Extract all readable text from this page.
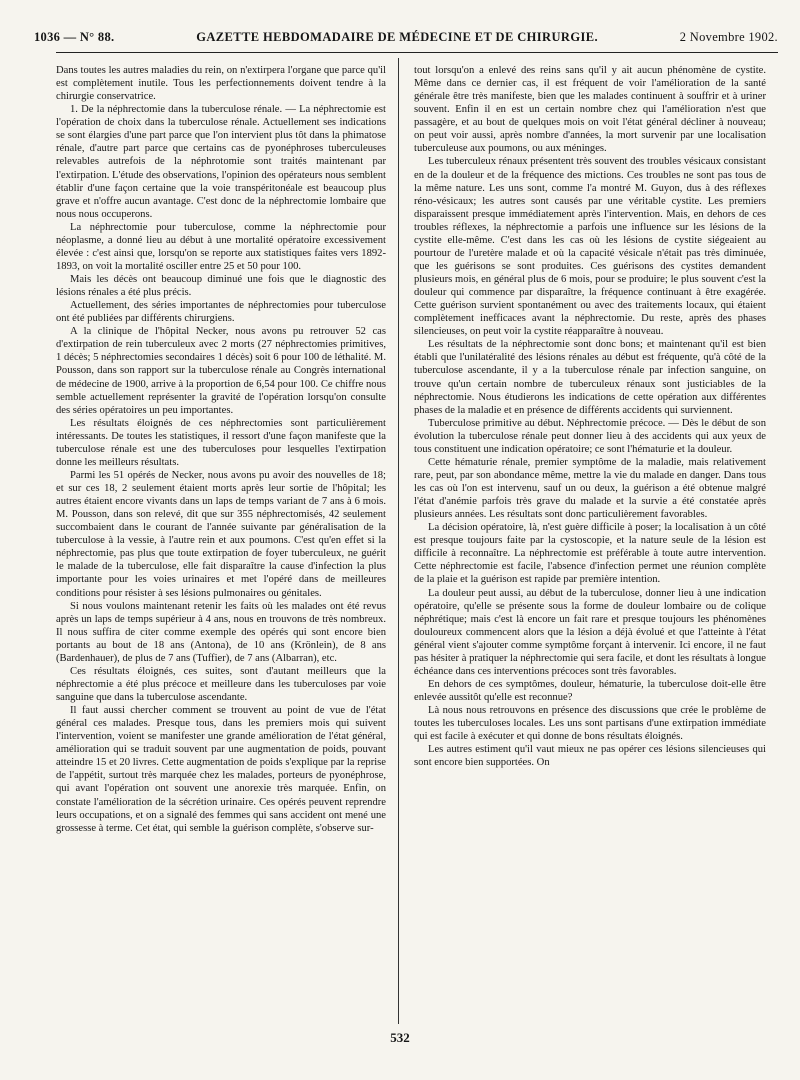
1036 — N° 88.	GAZETTE HEBDOMADAIRE DE MÉDECINE ET DE CHIRURGIE.	2 Novembre 1902.

Dans toutes les autres maladies du rein, on n'extirpera l'organe que parce qu'il est complètement inutile. Tous les perfectionnements doivent tendre à la chirurgie conservatrice.

1. De la néphrectomie dans la tuberculose rénale. — La néphrectomie est l'opération de choix dans la tuberculose rénale. Actuellement ses indications se sont élargies d'une part parce que l'on intervient plus tôt dans la phimatose rénale, d'autre part parce que certains cas de pyonéphroses tuberculeuses relevables autrefois de la néphrotomie sont traités maintenant par l'extirpation. L'étude des observations, l'opinion des opérateurs nous semblent établir d'une façon certaine que la voie transpéritonéale est beaucoup plus grave et n'offre aucun avantage. C'est donc de la néphrectomie lombaire que nous nous occuperons.

La néphrectomie pour tuberculose, comme la néphrectomie pour néoplasme, a donné lieu au début à une mortalité opératoire excessivement élevée : c'est ainsi que, lorsqu'on se reporte aux statistiques faites vers 1892-1893, on voit la mortalité osciller entre 25 et 50 pour 100.

Mais les décès ont beaucoup diminué une fois que le diagnostic des lésions rénales a été plus précis.

Actuellement, des séries importantes de néphrectomies pour tuberculose ont été publiées par différents chirurgiens.

A la clinique de l'hôpital Necker, nous avons pu retrouver 52 cas d'extirpation de rein tuberculeux avec 2 morts (27 néphrectomies primitives, 1 décès; 5 néphrectomies secondaires 1 décès) soit 6 pour 100 de léthalité. M. Pousson, dans son rapport sur la tuberculose rénale au Congrès international de médecine de 1900, arrive à la proportion de 6,54 pour 100. Ce chiffre nous semble actuellement représenter la gravité de l'opération lorsqu'on consulte des séries opératoires un peu importantes.

Les résultats éloignés de ces néphrectomies sont particulièrement intéressants. De toutes les statistiques, il ressort d'une façon manifeste que la tuberculose rénale est une des tuberculoses pour lesquelles l'extirpation donne les meilleurs résultats.

Parmi les 51 opérés de Necker, nous avons pu avoir des nouvelles de 18; et sur ces 18, 2 seulement étaient morts après leur sortie de l'hôpital; les autres étaient encore vivants dans un laps de temps variant de 7 ans à 6 mois. M. Pousson, dans son relevé, dit que sur 355 néphrectomisés, 42 seulement succombaient dans le courant de l'année suivante par généralisation de la tuberculose à la vessie, à l'autre rein et aux poumons. C'est qu'en effet si la néphrectomie, pas plus que toute extirpation de foyer tuberculeux, ne guérit le malade de la tuberculose, elle fait disparaître la cause d'infection la plus importante pour les voies urinaires et met l'opéré dans de meilleures conditions pour résister à ses lésions pulmonaires ou génitales.

Si nous voulons maintenant retenir les faits où les malades ont été revus après un laps de temps supérieur à 4 ans, nous en trouvons de très nombreux. Il nous suffira de citer comme exemple des opérés qui sont encore bien portants au bout de 18 ans (Antona), de 10 ans (Krönlein), de 8 ans (Bardenhauer), de plus de 7 ans (Tuffier), de 7 ans (Albarran), etc.

Ces résultats éloignés, ces suites, sont d'autant meilleurs que la néphrectomie a été plus précoce et meilleure dans les tuberculoses par voie sanguine que dans la tuberculose ascendante.

Il faut aussi chercher comment se trouvent au point de vue de l'état général ces malades. Presque tous, dans les premiers mois qui suivent l'intervention, voient se manifester une grande amélioration de l'état général, amélioration qui se traduit souvent par une augmentation de poids, pouvant atteindre 15 et 20 livres. Cette augmentation de poids s'explique par la reprise de l'appétit, surtout très marquée chez les malades, porteurs de pyonéphrose, qui avant l'opération ont souvent une anorexie très marquée. Enfin, on constate l'amélioration de la sécrétion urinaire. Ces opérés peuvent reprendre leurs occupations, et on a signalé des femmes qui sans accident ont mené une grossesse à terme. Cet état, qui semble la guérison complète, s'observe sur-

tout lorsqu'on a enlevé des reins sans qu'il y ait aucun phénomène de cystite. Même dans ce dernier cas, il est fréquent de voir l'amélioration de la santé générale être très manifeste, bien que les malades continuent à souffrir et à uriner souvent. Enfin il en est un certain nombre chez qui l'amélioration n'est que passagère, et au bout de quelques mois on voit l'état général décliner à nouveau; on peut voir aussi, après nombre d'années, la mort survenir par une localisation tuberculeuse aux poumons, ou aux méninges.

Les tuberculeux rénaux présentent très souvent des troubles vésicaux consistant en de la douleur et de la fréquence des mictions. Ces troubles ne sont pas tous de la même nature. Les uns sont, comme l'a montré M. Guyon, dus à des réflexes réno-vésicaux; les autres sont causés par une véritable cystite. Les premiers disparaissent presque immédiatement après l'intervention. Mais, en dehors de ces troubles réflexes, la néphrectomie a parfois une influence sur les lésions de la cystite elle-même. C'est dans les cas où les lésions de cystite siégeaient au pourtour de l'uretère malade et où la capacité vésicale n'était pas très diminuée, que les guérisons se sont produites. Ces guérisons des cystites demandent plusieurs mois, en général plus de 6 mois, pour se produire; le plus souvent c'est la douleur qui commence par disparaître, la fréquence continuant à être exagérée. Cette guérison survient spontanément ou avec des traitements locaux, qui étaient complètement inefficaces avant la néphrectomie. Du reste, après des phases silencieuses, on peut voir la cystite réapparaître à nouveau.

Les résultats de la néphrectomie sont donc bons; et maintenant qu'il est bien établi que l'unilatéralité des lésions rénales au début est fréquente, qu'à côté de la tuberculose ascendante, il y a la tuberculose rénale par infection sanguine, on trouve qu'un certain nombre de tuberculeux rénaux sont justiciables de la néphrectomie. Nous étudierons les indications de cette opération aux différentes phases de la maladie et en présence de différents accidents qui surviennent.

Tuberculose primitive au début. Néphrectomie précoce. — Dès le début de son évolution la tuberculose rénale peut donner lieu à des accidents qui aux yeux de tous constituent une indication opératoire; ce sont l'hématurie et la douleur.

Cette hématurie rénale, premier symptôme de la maladie, mais relativement rare, peut, par son abondance même, mettre la vie du malade en danger. Dans tous les cas où l'on est intervenu, sauf un ou deux, la guérison a été obtenue malgré l'état d'anémie parfois très grave du malade et la survie a été constatée après plusieurs années. Les résultats sont donc particulièrement favorables.

La décision opératoire, là, n'est guère difficile à poser; la localisation à un côté est presque toujours faite par la cystoscopie, et la nature seule de la lésion est difficile à reconnaître. La néphrectomie est préférable à toute autre intervention. Cette néphrectomie est facile, l'absence d'infection permet une réunion complète de la plaie et la guérison est rapide par première intention.

La douleur peut aussi, au début de la tuberculose, donner lieu à une indication opératoire, qu'elle se présente sous la forme de douleur lombaire ou de colique néphrétique; mais c'est là encore un fait rare et presque toujours les phénomènes douloureux commencent alors que la lésion a déjà évolué et que l'atteinte à l'état général vient s'ajouter comme symptôme forçant à intervenir. Ici encore, il ne faut pas hésiter à pratiquer la néphrectomie qui sera facile, et dont les résultats à longue échéance dans ces interventions précoces sont très favorables.

En dehors de ces symptômes, douleur, hématurie, la tuberculose doit-elle être enlevée aussitôt qu'elle est reconnue?

Là nous nous retrouvons en présence des discussions que crée le problème de toutes les tuberculoses locales. Les uns sont partisans d'une extirpation immédiate qui est facile à exécuter et qui donne de bons résultats éloignés.

Les autres estiment qu'il vaut mieux ne pas opérer ces lésions silencieuses qui sont encore bien supportées. On

532
